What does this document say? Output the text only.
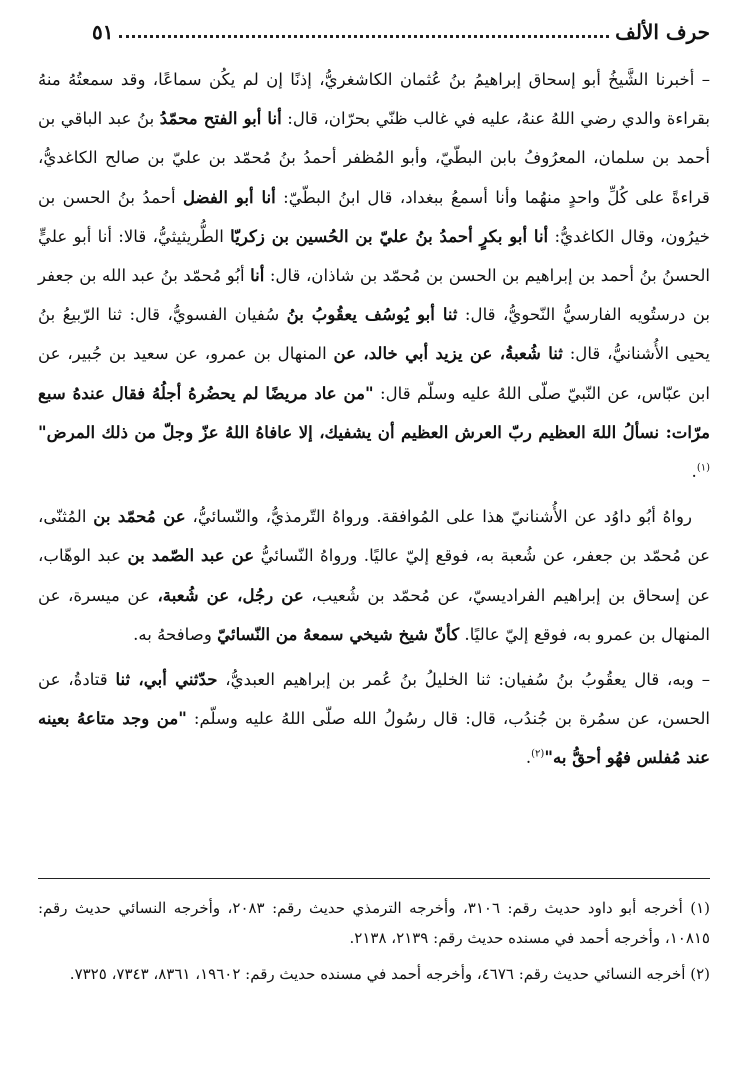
حرف الألف
٥١

– أخبرنا الشَّيخُ أبو إسحاق إبراهيمُ بنُ عُثمان الكاشغريُّ، إذنًا إن لم يكُن سماعًا، وقد سمعتُهُ منهُ بقراءة والدي رضي اللهُ عنهُ، عليه في غالب ظنّي بحرّان، قال: أنا أبو الفتح محمّدُ بنُ عبد الباقي بن أحمد بن سلمان، المعرُوفُ بابن البطّيّ، وأبو المُظفر أحمدُ بنُ مُحمّد بن عليّ بن صالح الكاغديُّ، قراءةً على كُلِّ واحدٍ منهُما وأنا أسمعُ ببغداد، قال ابنُ البطّيّ: أنا أبو الفضل أحمدُ بنُ الحسن بن خيرُون، وقال الكاغديُّ: أنا أبو بكرٍ أحمدُ بنُ عليّ بن الحُسين بن زكريّا الطُّريثيثيُّ، قالا: أنا أبو عليٍّ الحسنُ بنُ أحمد بن إبراهيم بن الحسن بن مُحمّد بن شاذان، قال: أنا أبُو مُحمّد بنُ عبد الله بن جعفر بن درستُويه الفارسيُّ النّحويُّ، قال: ثنا أبو يُوسُف يعقُوبُ بنُ سُفيان الفسويُّ، قال: ثنا الرّبيعُ بنُ يحيى الأُشنانيُّ، قال: ثنا شُعبةُ، عن يزيد أبي خالد، عن المنهال بن عمرو، عن سعيد بن جُبير، عن ابن عبّاس، عن النّبيّ صلّى اللهُ عليه وسلّم قال: "من عاد مريضًا لم يحضُرهُ أجلُهُ فقال عندهُ سبع مرّات: نسألُ اللهَ العظيم ربّ العرش العظيم أن يشفيك، إلا عافاهُ اللهُ عزّ وجلّ من ذلك المرض"$^{(١)}$.

رواهُ أبُو داوُد عن الأُشنانيّ هذا على المُوافقة. ورواهُ التّرمذيُّ، والنّسائيُّ، عن مُحمّد بن المُثنّى، عن مُحمّد بن جعفر، عن شُعبة به، فوقع إليّ عاليًا. ورواهُ النّسائيُّ عن عبد الصّمد بن عبد الوهّاب، عن إسحاق بن إبراهيم الفراديسيّ، عن مُحمّد بن شُعيب، عن رجُل، عن شُعبة، عن ميسرة، عن المنهال بن عمرو به، فوقع إليّ عاليًا. كأنّ شيخ شيخي سمعهُ من النّسائيّ وصافحهُ به.

– وبه، قال يعقُوبُ بنُ سُفيان: ثنا الخليلُ بنُ عُمر بن إبراهيم العبديُّ، حدّثني أبي، ثنا قتادةُ، عن الحسن، عن سمُرة بن جُندُب، قال: قال رسُولُ الله صلّى اللهُ عليه وسلّم: "من وجد متاعهُ بعينه عند مُفلس فهُو أحقُّ به"$^{(٢)}$.

(١) أخرجه أبو داود حديث رقم: ٣١٠٦، وأخرجه الترمذي حديث رقم: ٢٠٨٣، وأخرجه النسائي حديث رقم: ١٠٨١٥، وأخرجه أحمد في مسنده حديث رقم: ٢١٣٩، ٢١٣٨.

(٢) أخرجه النسائي حديث رقم: ٤٦٧٦، وأخرجه أحمد في مسنده حديث رقم: ١٩٦٠٢، ٨٣٦١، ٧٣٤٣، ٧٣٢٥.
